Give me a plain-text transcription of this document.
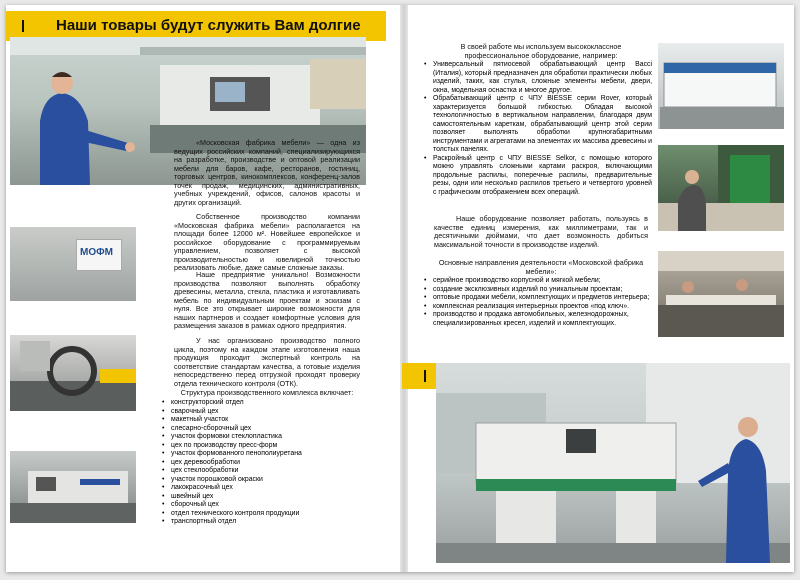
Наши товары будут служить Вам долгие

«Московская фабрика мебели» — одна из ведущих российских компаний, специализирующихся на разработке, производстве и оптовой реализации мебели для баров, кафе, ресторанов, гостиниц, торговых центров, кинокомплексов, конференц-залов точек продаж, медицинских, административных, учебных учреждений, офисов, салонов красоты и других организаций.

МОФМ

Собственное производство компании «Московская фабрика мебели» располагается на площади более 12000 м². Новейшее европейское и российское оборудование с программируемым управлением, позволяет с высокой производительностью и ювелирной точностью реализовать любые, даже самые сложные заказы.

Наше предприятие уникально! Возможности производства позволяют выполнять обработку древесины, металла, стекла, пластика и изготавливать мебель по индивидуальным проектам и эскизам с нуля. Все это открывает широкие возможности для наших партнеров и создает комфортные условия для размещения заказов в рамках одного предприятия.

У нас организовано производство полного цикла, поэтому на каждом этапе изготовления наша продукция проходит экспертный контроль на соответствие стандартам качества, а готовые изделия непосредственно перед отгрузкой проходят проверку отдела технического контроля (ОТК).

Структура производственного комплекса включает:
• конструкторский отдел
• сварочный цех
• макетный участок
• слесарно-сборочный цех
• участок формовки стеклопластика
• цех по производству пресс-форм
• участок формованного пенополиуретана
• цех деревообработки
• цех стеклообработки
• участок порошковой окраски
• лакокрасочный цех
• швейный цех
• сборочный цех
• отдел технического контроля продукции
• транспортный отдел
В своей работе мы используем высококлассное профессиональное оборудование, например:
• Универсальный пятиосевой обрабатывающий центр Bacci (Италия), который предназначен для обработки практически любых изделий, таких, как стулья, сложные элементы мебели, двери, окна, модельная оснастка и многое другое.
• Обрабатывающий центр с ЧПУ BIESSE серии Rover, который характеризуется большой гибкостью. Обладая высокой технологичностью в вертикальном направлении, благодаря двум самостоятельным кареткам, обрабатывающий центр этой серии позволяет выполнять обработки крупногабаритными инструментами и агрегатами на элементах их массива древесины и толстых панелях.
• Раскройный центр с ЧПУ BIESSE Selkor, с помощью которого можно управлять сложными картами раскроя, включающими продольные распилы, поперечные распилы, предварительные резы, одни или несколько распилов третьего и четвертого уровней с графическим отображением всех операций.

Наше оборудование позволяет работать, пользуясь в качестве единиц измерения, как миллиметрами, так и десятичными дюймами, что дает возможность добиться максимальной точности в производстве изделий.

Основные направления деятельности «Московской фабрика мебели»:
• серийное производство корпусной и мягкой мебели;
• создание эксклюзивных изделий по уникальным проектам;
• оптовые продажи мебели, комплектующих и предметов интерьера;
• комплексная реализация интерьерных проектов «под ключ».
• производство и продажа автомобильных, железнодорожных, специализированных кресел, изделий и комплектующих.
